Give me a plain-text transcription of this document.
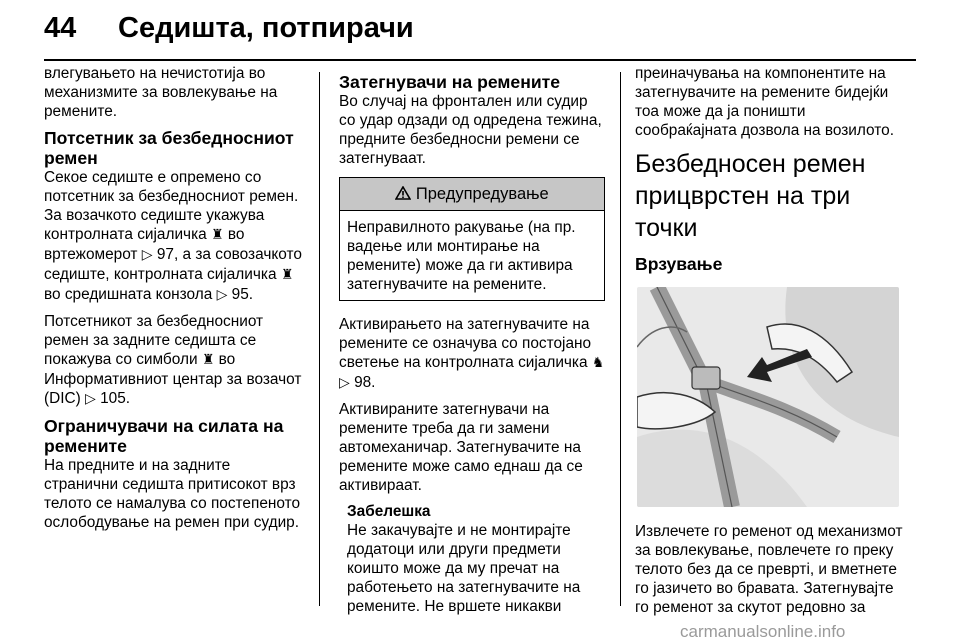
44 Седишта, потпирачи

влегувањето на нечистотија во механизмите за вовлекување на ремените.

Потсетник за безбедносниот ремен

Секое седиште е опремено со потсетник за безбедносниот ремен. За возачкото седиште укажува контролната сијаличка ♜ во вртежомерот ▷ 97, а за совозачкото седиште, контролната сијаличка ♜ во средишната конзола ▷ 95.

Потсетникот за безбедносниот ремен за задните седишта се покажува со симболи ♜ во Информативниот центар за возачот (DIC) ▷ 105.

Ограничувачи на силата на ремените

На предните и на задните странични седишта притисокот врз телото се намалува со постепеното ослободување на ремен при судир.

Затегнувачи на ремените

Во случај на фронтален или судир со удар одзади од одредена тежина, предните безбедносни ремени се затегнуваат.

Предупредување
Неправилното ракување (на пр. вадење или монтирање на ремените) може да ги активира затегнувачите на ремените.

Активирањето на затегнувачите на ремените се означува со постојано светење на контролната сијаличка ♞ ▷ 98.

Активираните затегнувачи на ремените треба да ги замени автомеханичар. Затегнувачите на ремените може само еднаш да се активираат.

Забелешка
Не закачувајте и не монтирајте додатоци или други предмети коишто може да му пречат на работењето на затегнувачите на ремените. Не вршете никакви

преиначувања на компонентите на затегнувачите на ремените бидејќи тоа може да ја поништи сообраќајната дозвола на возилото.

Безбедносен ремен прицврстен на три точки
Врзување

Извлечете го ременот од механизмот за вовлекување, повлечете го преку телото без да се превртi, и вметнете го јазичето во бравата. Затегнувајте го ременот за скутот редовно за

carmanualsonline.info
